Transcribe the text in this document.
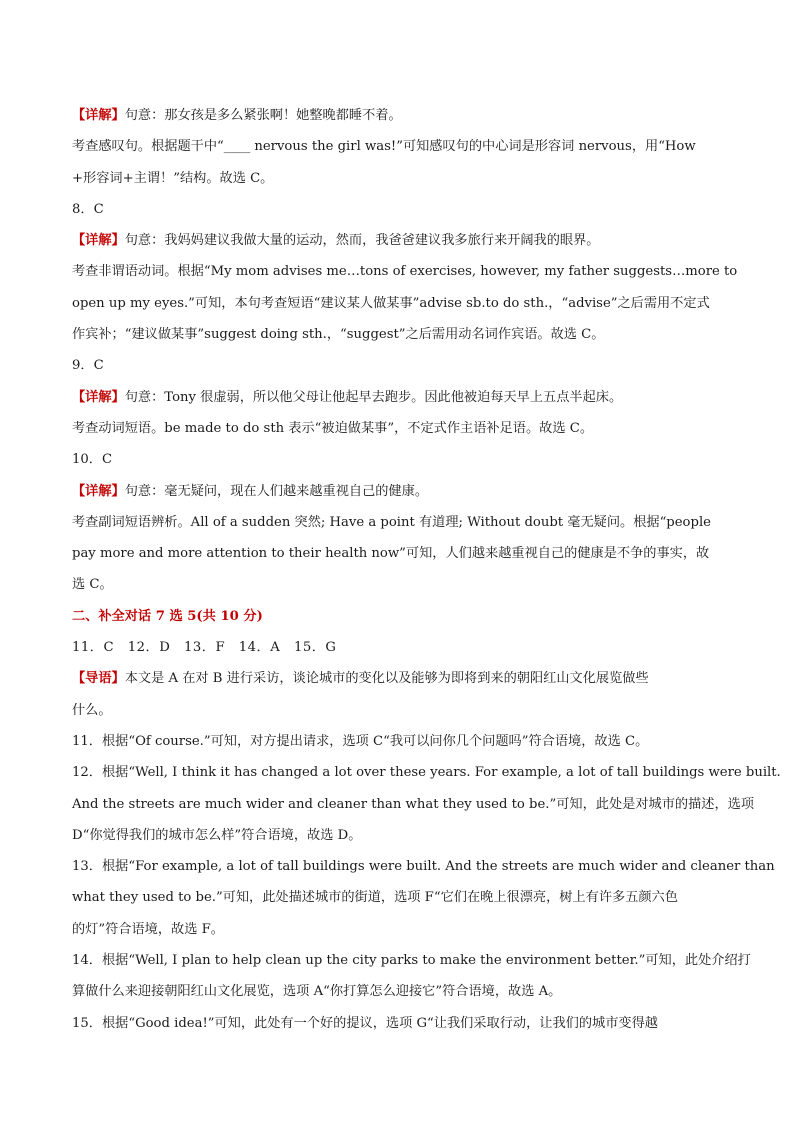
【详解】句意：那女孩是多么紧张啊！她整晚都睡不着。
考查感叹句。根据题干中“____ nervous the girl was!”可知感叹句的中心词是形容词 nervous，用“How
+形容词+主谓！”结构。故选 C。
8．C
【详解】句意：我妈妈建议我做大量的运动，然而，我爸爸建议我多旅行来开阔我的眼界。
考查非谓语动词。根据“My mom advises me…tons of exercises, however, my father suggests…more to
open up my eyes.”可知，本句考查短语“建议某人做某事”advise sb.to do sth.，“advise”之后需用不定式
作宾补；“建议做某事”suggest doing sth.，“suggest”之后需用动名词作宾语。故选 C。
9．C
【详解】句意：Tony 很虚弱，所以他父母让他起早去跑步。因此他被迫每天早上五点半起床。
考查动词短语。be made to do sth 表示“被迫做某事”，不定式作主语补足语。故选 C。
10．C
【详解】句意：毫无疑问，现在人们越来越重视自己的健康。
考查副词短语辨析。All of a sudden 突然; Have a point 有道理; Without doubt 毫无疑问。根据“people
pay more and more attention to their health now”可知，人们越来越重视自己的健康是不争的事实，故
选 C。
二、补全对话 7 选 5(共 10 分)
11．C　12．D　13．F　14．A　15．G
【导语】本文是 A 在对 B 进行采访，谈论城市的变化以及能够为即将到来的朝阳红山文化展览做些
什么。
11．根据“Of course.”可知，对方提出请求，选项 C“我可以问你几个问题吗”符合语境，故选 C。
12．根据“Well, I think it has changed a lot over these years. For example, a lot of tall buildings were built.
And the streets are much wider and cleaner than what they used to be.”可知，此处是对城市的描述，选项
D“你觉得我们的城市怎么样”符合语境，故选 D。
13．根据“For example, a lot of tall buildings were built. And the streets are much wider and cleaner than
what they used to be.”可知，此处描述城市的街道，选项 F“它们在晚上很漂亮，树上有许多五颜六色
的灯”符合语境，故选 F。
14．根据“Well, I plan to help clean up the city parks to make the environment better.”可知，此处介绍打
算做什么来迎接朝阳红山文化展览，选项 A“你打算怎么迎接它”符合语境，故选 A。
15．根据“Good idea!”可知，此处有一个好的提议，选项 G“让我们采取行动，让我们的城市变得越
